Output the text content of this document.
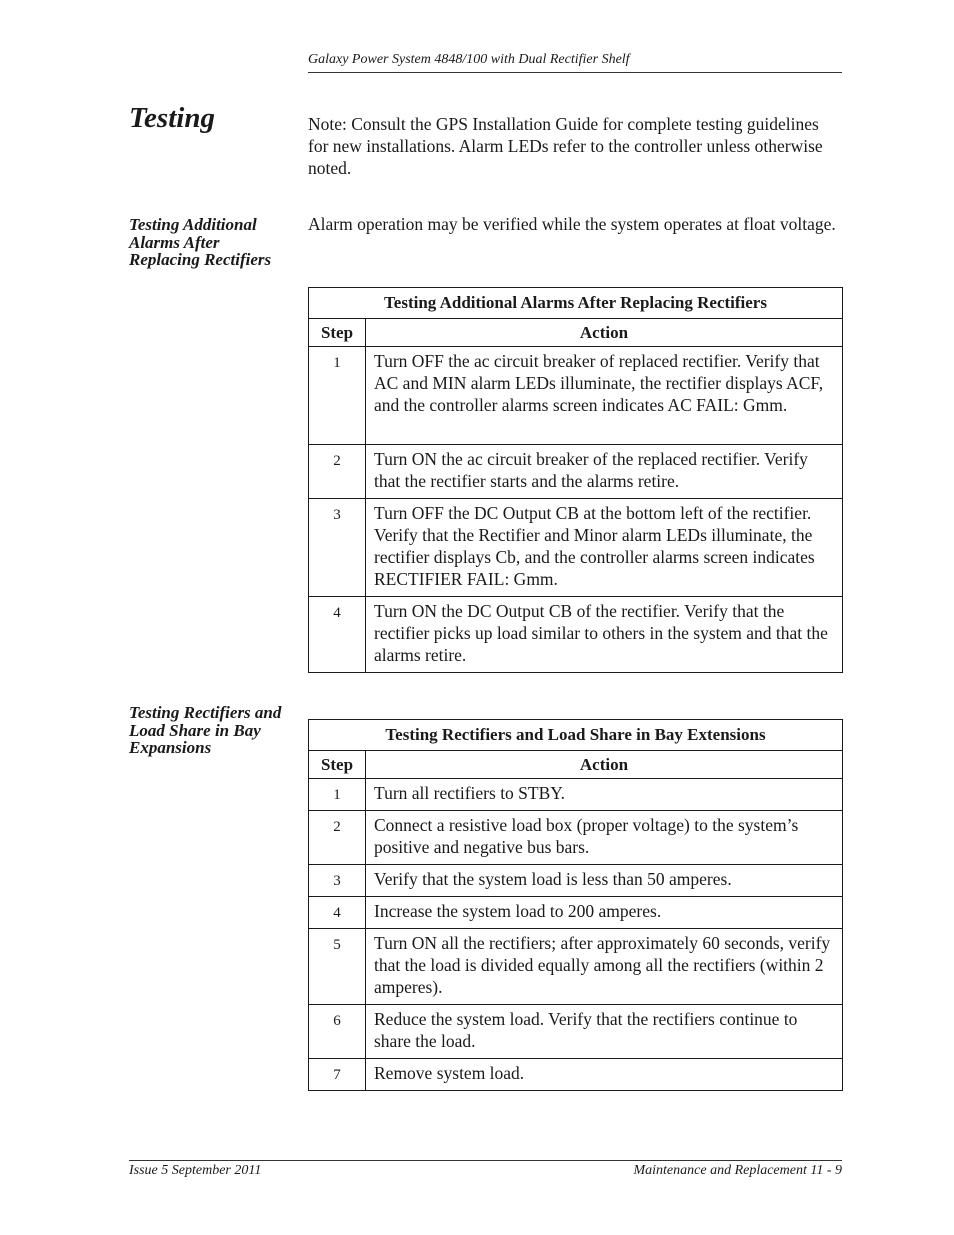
Galaxy Power System 4848/100 with Dual Rectifier Shelf
Testing	Note: Consult the GPS Installation Guide for complete testing guidelines for new installations. Alarm LEDs refer to the controller unless otherwise noted.
Testing Additional Alarms After Replacing Rectifiers
Alarm operation may be verified while the system operates at float voltage.
Testing Additional Alarms After Replacing Rectifiers	
Step	Action
1	Turn OFF the ac circuit breaker of replaced rectifier. Verify that AC and MIN alarm LEDs illuminate, the rectifier displays ACF, and the controller alarms screen indicates AC FAIL: Gmm.
2	Turn ON the ac circuit breaker of the replaced rectifier. Verify that the rectifier starts and the alarms retire.
3	Turn OFF the DC Output CB at the bottom left of the rectifier. Verify that the Rectifier and Minor alarm LEDs illuminate, the rectifier displays Cb, and the controller alarms screen indicates RECTIFIER FAIL: Gmm.
4	Turn ON the DC Output CB of the rectifier. Verify that the rectifier picks up load similar to others in the system and that the alarms retire.
Testing Rectifiers and Load Share in Bay Expansions
Testing Rectifiers and Load Share in Bay Extensions	
Step	Action
1	Turn all rectifiers to STBY.
2	Connect a resistive load box (proper voltage) to the system’s positive and negative bus bars.
3	Verify that the system load is less than 50 amperes.
4	Increase the system load to 200 amperes.
5	Turn ON all the rectifiers; after approximately 60 seconds, verify that the load is divided equally among all the rectifiers (within 2 amperes).
6	Reduce the system load. Verify that the rectifiers continue to share the load.
7	Remove system load.
Issue 5 September 2011	Maintenance and Replacement 11 - 9
